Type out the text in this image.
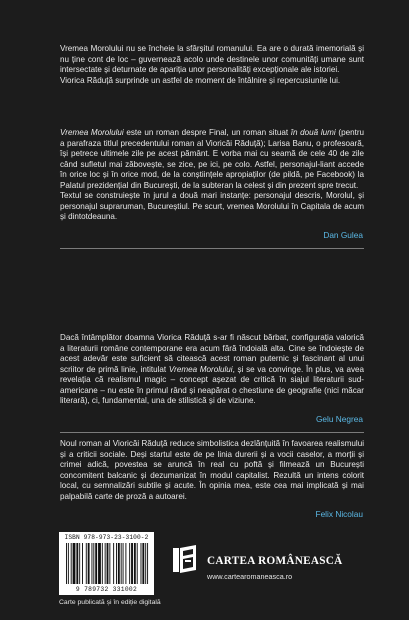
Vremea Morolului nu se încheie la sfârșitul romanului. Ea are o durată imemorială și nu ține cont de loc – guvernează acolo unde destinele unor comunități umane sunt intersectate și deturnate de apariția unor personalități excepționale ale istoriei.

Viorica Răduță surprinde un astfel de moment de întâlnire și repercusiunile lui.

Vremea Morolului este un roman despre Final, un roman situat în două lumi (pentru a parafraza titlul precedentului roman al Vioricăi Răduță); Larisa Banu, o profesoară, își petrece ultimele zile pe acest pământ. E vorba mai cu seamă de cele 40 de zile când sufletul mai zăbovește, se zice, pe ici, pe colo. Astfel, personajul-liant accede în orice loc și în orice mod, de la conștiințele apropiaților (de pildă, pe Facebook) la Palatul prezidențial din București, de la subteran la celest și din prezent spre trecut.

Textul se construiește în jurul a două mari instanțe: personajul descris, Morolul, și personajul supraruman, Bucureștiul. Pe scurt, vremea Morolului în Capitala de acum și dintotdeauna.

Dan Gulea

Dacă întâmplător doamna Viorica Răduță s-ar fi născut bărbat, configurația valorică a literaturii române contemporane era acum fără îndoială alta. Cine se îndoiește de acest adevăr este suficient să citească acest roman puternic și fascinant al unui scriitor de primă linie, intitulat Vremea Morolului, și se va convinge. În plus, va avea revelația că realismul magic – concept așezat de critică în siajul literaturii sud-americane – nu este în primul rând și neapărat o chestiune de geografie (nici măcar literară), ci, fundamental, una de stilistică și de viziune.

Gelu Negrea

Noul roman al Vioricăi Răduță reduce simbolistica dezlănțuită în favoarea realismului și a criticii sociale. Deși startul este de pe linia durerii și a vocii caselor, a morții și crimei adică, povestea se aruncă în real cu poftă și filmează un București concomitent balcanic și dezumanizat în modul capitalist. Rezultă un intens colorit local, cu semnalizări subtile și acute. În opinia mea, este cea mai implicată și mai palpabilă carte de proză a autoarei.

Felix Nicolau
ISBN 978-973-23-3100-2
9 789732 331002
Carte publicată și în ediție digitală
CARTEA ROMÂNEASCĂ
www.cartearomaneasca.ro
